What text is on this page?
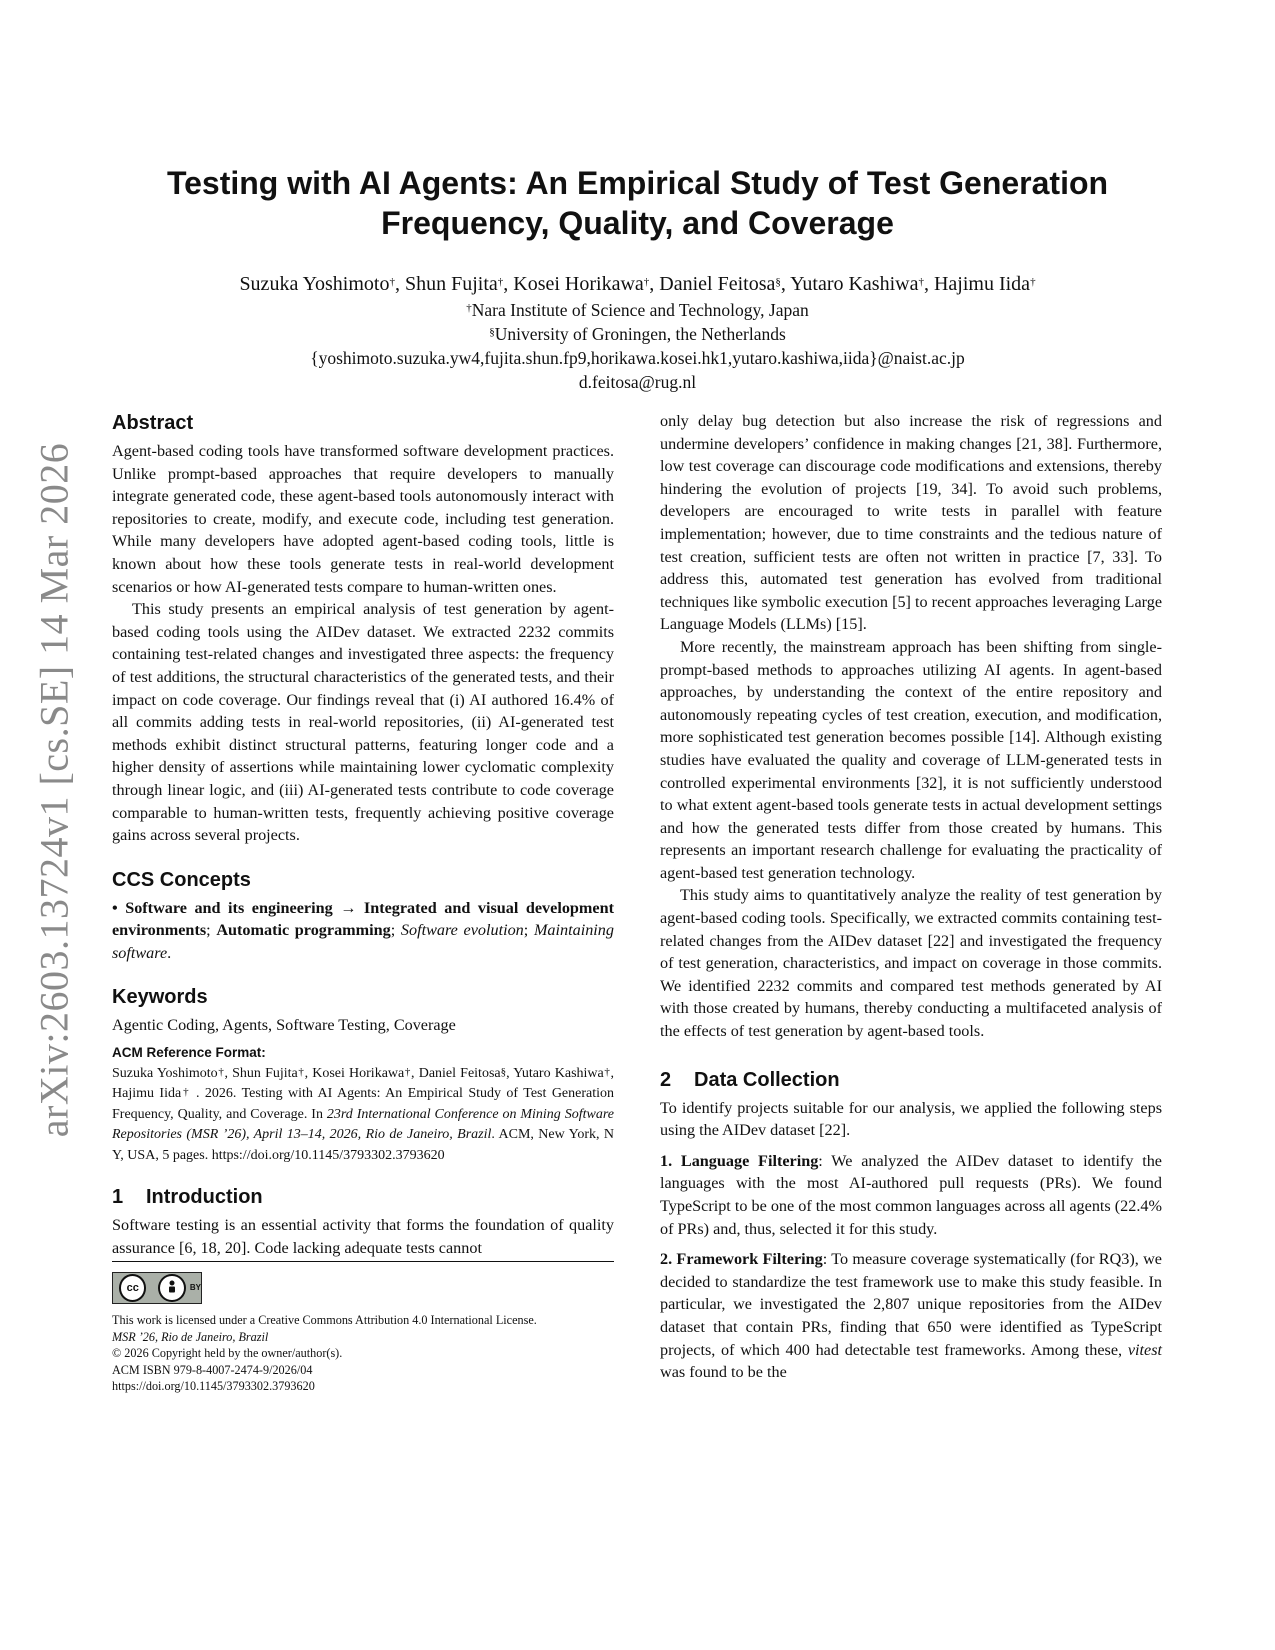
arXiv:2603.13724v1 [cs.SE] 14 Mar 2026
Testing with AI Agents: An Empirical Study of Test Generation
Frequency, Quality, and Coverage
Suzuka Yoshimoto†, Shun Fujita†, Kosei Horikawa†, Daniel Feitosa§, Yutaro Kashiwa†, Hajimu Iida†
†Nara Institute of Science and Technology, Japan
§University of Groningen, the Netherlands
{yoshimoto.suzuka.yw4,fujita.shun.fp9,horikawa.kosei.hk1,yutaro.kashiwa,iida}@naist.ac.jp
d.feitosa@rug.nl
Abstract

Agent-based coding tools have transformed software development practices. Unlike prompt-based approaches that require developers to manually integrate generated code, these agent-based tools autonomously interact with repositories to create, modify, and execute code, including test generation. While many developers have adopted agent-based coding tools, little is known about how these tools generate tests in real-world development scenarios or how AI-generated tests compare to human-written ones.

This study presents an empirical analysis of test generation by agent-based coding tools using the AIDev dataset. We extracted 2232 commits containing test-related changes and investigated three aspects: the frequency of test additions, the structural characteristics of the generated tests, and their impact on code coverage. Our findings reveal that (i) AI authored 16.4% of all commits adding tests in real-world repositories, (ii) AI-generated test methods exhibit distinct structural patterns, featuring longer code and a higher density of assertions while maintaining lower cyclomatic complexity through linear logic, and (iii) AI-generated tests contribute to code coverage comparable to human-written tests, frequently achieving positive coverage gains across several projects.

CCS Concepts

• Software and its engineering → Integrated and visual development environments; Automatic programming; Software evolution; Maintaining software.

Keywords

Agentic Coding, Agents, Software Testing, Coverage

ACM Reference Format:
Suzuka Yoshimoto†, Shun Fujita†, Kosei Horikawa†, Daniel Feitosa§, Yutaro Kashiwa†, Hajimu Iida† . 2026. Testing with AI Agents: An Empirical Study of Test Generation Frequency, Quality, and Coverage. In 23rd International Conference on Mining Software Repositories (MSR ’26), April 13–14, 2026, Rio de Janeiro, Brazil. ACM, New York, NY, USA, 5 pages. https://doi.org/10.1145/3793302.3793620
1 Introduction

Software testing is an essential activity that forms the foundation of quality assurance [6, 18, 20]. Code lacking adequate tests cannot

cc	BY
This work is licensed under a Creative Commons Attribution 4.0 International License.
MSR ’26, Rio de Janeiro, Brazil
© 2026 Copyright held by the owner/author(s).
ACM ISBN 979-8-4007-2474-9/2026/04
https://doi.org/10.1145/3793302.3793620

only delay bug detection but also increase the risk of regressions and undermine developers’ confidence in making changes [21, 38]. Furthermore, low test coverage can discourage code modifications and extensions, thereby hindering the evolution of projects [19, 34]. To avoid such problems, developers are encouraged to write tests in parallel with feature implementation; however, due to time constraints and the tedious nature of test creation, sufficient tests are often not written in practice [7, 33]. To address this, automated test generation has evolved from traditional techniques like symbolic execution [5] to recent approaches leveraging Large Language Models (LLMs) [15].

More recently, the mainstream approach has been shifting from single-prompt-based methods to approaches utilizing AI agents. In agent-based approaches, by understanding the context of the entire repository and autonomously repeating cycles of test creation, execution, and modification, more sophisticated test generation becomes possible [14]. Although existing studies have evaluated the quality and coverage of LLM-generated tests in controlled experimental environments [32], it is not sufficiently understood to what extent agent-based tools generate tests in actual development settings and how the generated tests differ from those created by humans. This represents an important research challenge for evaluating the practicality of agent-based test generation technology.

This study aims to quantitatively analyze the reality of test generation by agent-based coding tools. Specifically, we extracted commits containing test-related changes from the AIDev dataset [22] and investigated the frequency of test generation, characteristics, and impact on coverage in those commits. We identified 2232 commits and compared test methods generated by AI with those created by humans, thereby conducting a multifaceted analysis of the effects of test generation by agent-based tools.

2 Data Collection

To identify projects suitable for our analysis, we applied the following steps using the AIDev dataset [22].

1. Language Filtering: We analyzed the AIDev dataset to identify the languages with the most AI-authored pull requests (PRs). We found TypeScript to be one of the most common languages across all agents (22.4% of PRs) and, thus, selected it for this study.

2. Framework Filtering: To measure coverage systematically (for RQ3), we decided to standardize the test framework use to make this study feasible. In particular, we investigated the 2,807 unique repositories from the AIDev dataset that contain PRs, finding that 650 were identified as TypeScript projects, of which 400 had detectable test frameworks. Among these, vitest was found to be the
